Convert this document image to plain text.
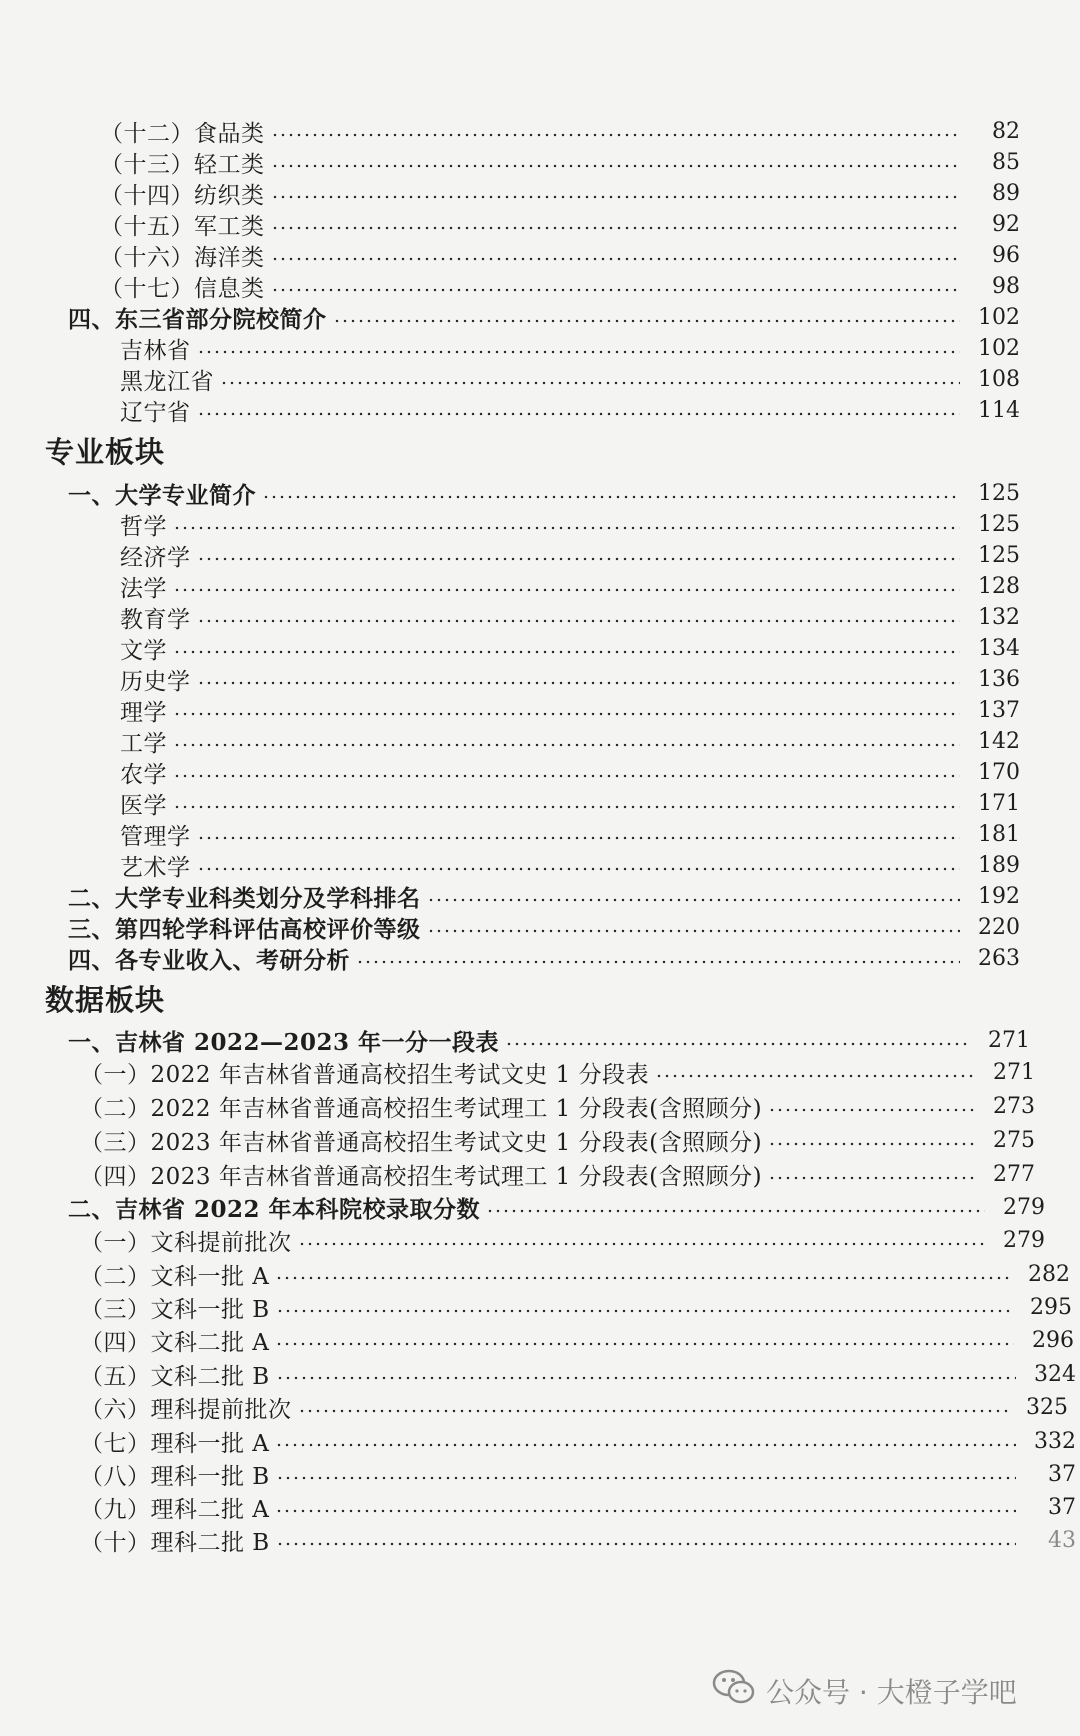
（十二）食品类	82
（十三）轻工类	85
（十四）纺织类	89
（十五）军工类	92
（十六）海洋类	96
（十七）信息类	98
四、东三省部分院校简介	102
吉林省	102
黑龙江省	108
辽宁省	114
专业板块
一、大学专业简介	125
哲学	125
经济学	125
法学	128
教育学	132
文学	134
历史学	136
理学	137
工学	142
农学	170
医学	171
管理学	181
艺术学	189
二、大学专业科类划分及学科排名	192
三、第四轮学科评估高校评价等级	220
四、各专业收入、考研分析	263
数据板块
一、吉林省 2022—2023 年一分一段表	271
（一）2022 年吉林省普通高校招生考试文史 1 分段表	271
（二）2022 年吉林省普通高校招生考试理工 1 分段表(含照顾分)	273
（三）2023 年吉林省普通高校招生考试文史 1 分段表(含照顾分)	275
（四）2023 年吉林省普通高校招生考试理工 1 分段表(含照顾分)	277
二、吉林省 2022 年本科院校录取分数	279
（一）文科提前批次	279
（二）文科一批 A	282
（三）文科一批 B	295
（四）文科二批 A	296
（五）文科二批 B	324
（六）理科提前批次	325
（七）理科一批 A	332
（八）理科一批 B	37
（九）理科二批 A	37
（十）理科二批 B	43
公众号 · 大橙子学吧
